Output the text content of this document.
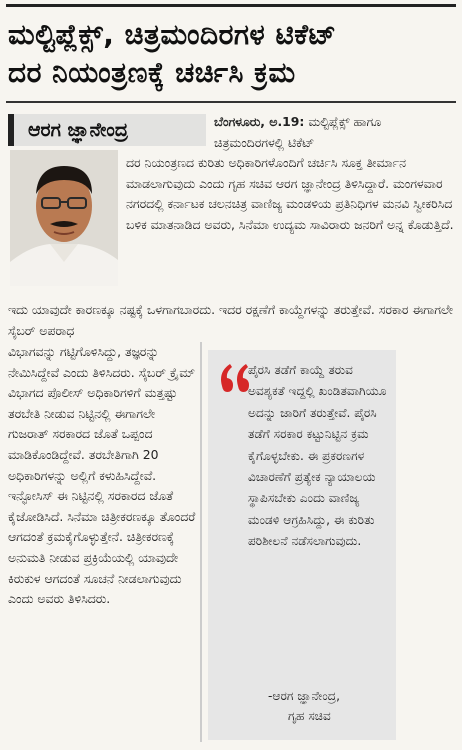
ಮಲ್ಟಿಪ್ಲೆಕ್ಸ್‌, ಚಿತ್ರಮಂದಿರಗಳ ಟಿಕೆಟ್‌
ದರ ನಿಯಂತ್ರಣಕ್ಕೆ ಚರ್ಚಿಸಿ ಕ್ರಮ
ಆರಗ ಜ್ಞಾನೇಂದ್ರ	ಬೆಂಗಳೂರು, ಅ.19: ಮಲ್ಟಿಪ್ಲೆಕ್ಸ್‌ ಹಾಗೂ ಚಿತ್ರಮಂದಿರಗಳಲ್ಲಿ ಟಿಕೆಟ್‌

ದರ ನಿಯಂತ್ರಣದ ಕುರಿತು ಅಧಿಕಾರಿಗಳೊಂದಿಗೆ ಚರ್ಚಿಸಿ ಸೂಕ್ತ ತೀರ್ಮಾನ ಮಾಡಲಾಗುವುದು ಎಂದು ಗೃಹ ಸಚಿವ ಆರಗ ಜ್ಞಾನೇಂದ್ರ ತಿಳಿಸಿದ್ದಾರೆ. ಮಂಗಳವಾರ ನಗರದಲ್ಲಿ ಕರ್ನಾಟಕ ಚಲನಚಿತ್ರ ವಾಣಿಜ್ಯ ಮಂಡಳಿಯ ಪ್ರತಿನಿಧಿಗಳ ಮನವಿ ಸ್ವೀಕರಿಸಿದ ಬಳಿಕ ಮಾತನಾಡಿದ ಅವರು, ಸಿನೆಮಾ ಉದ್ಯಮ ಸಾವಿರಾರು ಜನರಿಗೆ ಅನ್ನ ಕೊಡುತ್ತಿದೆ.

ಇದು ಯಾವುದೇ ಕಾರಣಕ್ಕೂ ನಷ್ಟಕ್ಕೆ ಒಳಗಾಗಬಾರದು. ಇದರ ರಕ್ಷಣೆಗೆ ಕಾಯ್ದೆಗಳನ್ನು ತರುತ್ತೇವೆ. ಸರಕಾರ ಈಗಾಗಲೇ ಸೈಬರ್‌ ಅಪರಾಧ

ವಿಭಾಗವನ್ನು ಗಟ್ಟಿಗೊಳಿಸಿದ್ದು, ತಜ್ಞರನ್ನು ನೇಮಿಸಿದ್ದೇವೆ ಎಂದು ತಿಳಿಸಿದರು. ಸೈಬರ್‌ ಕ್ರೈಮ್‌ ವಿಭಾಗದ ಪೊಲೀಸ್‌ ಅಧಿಕಾರಿಗಳಿಗೆ ಮತ್ತಷ್ಟು ತರಬೇತಿ ನೀಡುವ ನಿಟ್ಟಿನಲ್ಲಿ ಈಗಾಗಲೇ ಗುಜರಾತ್‌ ಸರಕಾರದ ಜೊತೆ ಒಪ್ಪಂದ ಮಾಡಿಕೊಂಡಿದ್ದೇವೆ. ತರಬೇತಿಗಾಗಿ 20 ಅಧಿಕಾರಿಗಳನ್ನು ಅಲ್ಲಿಗೆ ಕಳುಹಿಸಿದ್ದೇವೆ. ಇನ್ಫೋಸಿಸ್‌ ಈ ನಿಟ್ಟಿನಲ್ಲಿ ಸರಕಾರದ ಜೊತೆ ಕೈಜೋಡಿಸಿದೆ. ಸಿನೆಮಾ ಚಿತ್ರೀಕರಣಕ್ಕೂ ತೊಂದರೆ ಆಗದಂತೆ ಕ್ರಮಕೈಗೊಳ್ಳುತ್ತೇನೆ. ಚಿತ್ರೀಕರಣಕ್ಕೆ ಅನುಮತಿ ನೀಡುವ ಪ್ರಕ್ರಿಯೆಯಲ್ಲಿ ಯಾವುದೇ ಕಿರುಕುಳ ಆಗದಂತೆ ಸೂಚನೆ ನೀಡಲಾಗುವುದು ಎಂದು ಅವರು ತಿಳಿಸಿದರು.

ಪೈರಸಿ ತಡೆಗೆ ಕಾಯ್ದೆ ತರುವ ಅವಶ್ಯಕತೆ ಇದ್ದಲ್ಲಿ ಖಂಡಿತವಾಗಿಯೂ ಅದನ್ನು ಜಾರಿಗೆ ತರುತ್ತೇವೆ. ಪೈರಸಿ ತಡೆಗೆ ಸರಕಾರ ಕಟ್ಟುನಿಟ್ಟಿನ ಕ್ರಮ ಕೈಗೊಳ್ಳಬೇಕು. ಈ ಪ್ರಕರಣಗಳ ವಿಚಾರಣೆಗೆ ಪ್ರತ್ಯೇಕ ನ್ಯಾಯಾಲಯ ಸ್ಥಾಪಿಸಬೇಕು ಎಂದು ವಾಣಿಜ್ಯ ಮಂಡಳಿ ಆಗ್ರಹಿಸಿದ್ದು, ಈ ಕುರಿತು ಪರಿಶೀಲನೆ ನಡೆಸಲಾಗುವುದು.
-ಆರಗ ಜ್ಞಾನೇಂದ್ರ,
ಗೃಹ ಸಚಿವ
